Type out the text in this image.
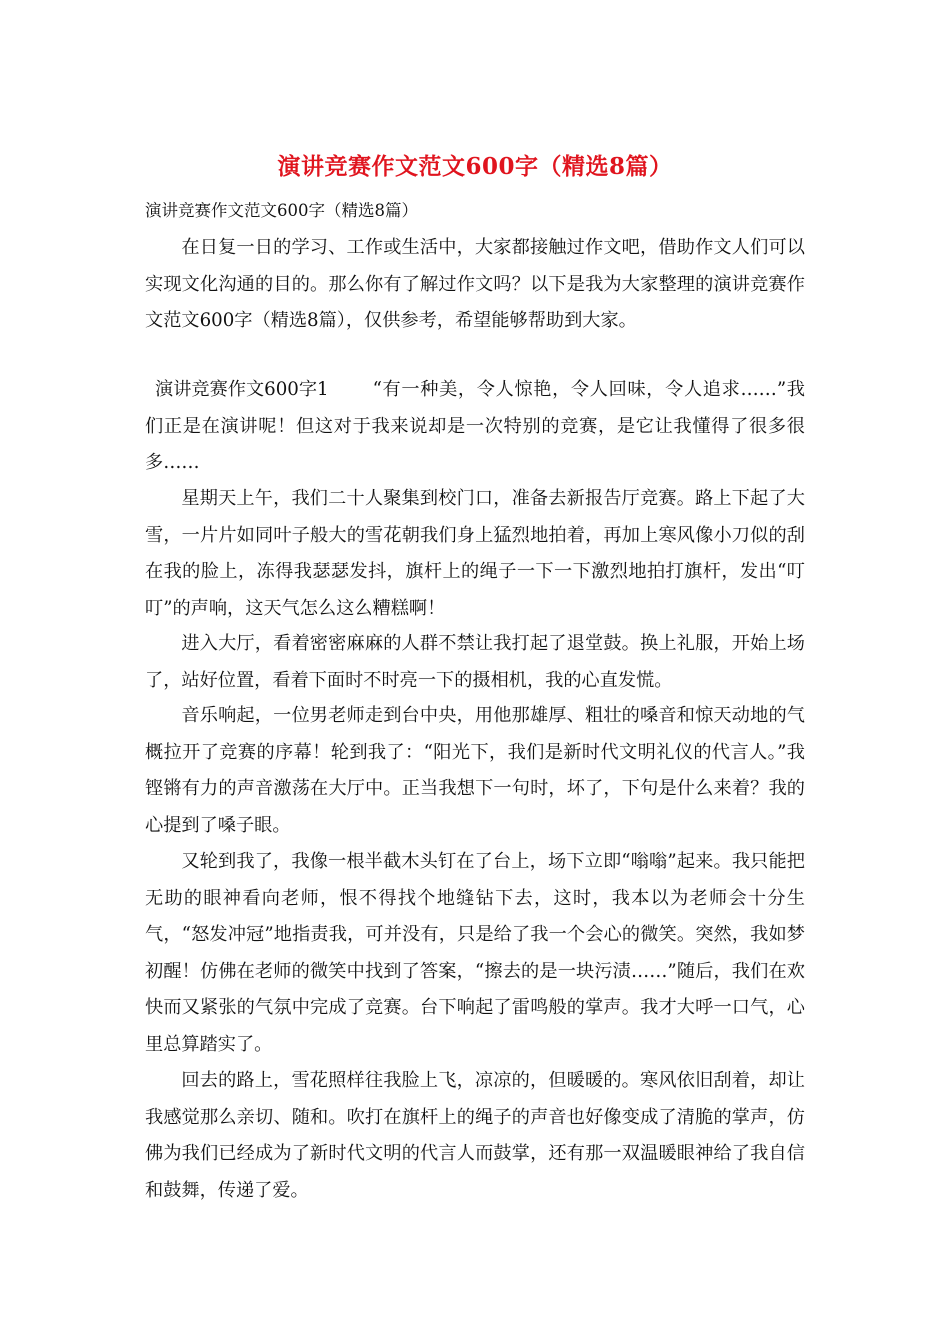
演讲竞赛作文范文600字（精选8篇）
演讲竞赛作文范文600字（精选8篇）

在日复一日的学习、工作或生活中，大家都接触过作文吧，借助作文人们可以实现文化沟通的目的。那么你有了解过作文吗？以下是我为大家整理的演讲竞赛作文范文600字（精选8篇），仅供参考，希望能够帮助到大家。

演讲竞赛作文600字1 “有一种美，令人惊艳，令人回味，令人追求……”我们正是在演讲呢！但这对于我来说却是一次特别的竞赛，是它让我懂得了很多很多……

星期天上午，我们二十人聚集到校门口，准备去新报告厅竞赛。路上下起了大雪，一片片如同叶子般大的雪花朝我们身上猛烈地拍着，再加上寒风像小刀似的刮在我的脸上，冻得我瑟瑟发抖，旗杆上的绳子一下一下激烈地拍打旗杆，发出“叮叮”的声响，这天气怎么这么糟糕啊！

进入大厅，看着密密麻麻的人群不禁让我打起了退堂鼓。换上礼服，开始上场了，站好位置，看着下面时不时亮一下的摄相机，我的心直发慌。

音乐响起，一位男老师走到台中央，用他那雄厚、粗壮的嗓音和惊天动地的气概拉开了竞赛的序幕！轮到我了：“阳光下，我们是新时代文明礼仪的代言人。”我铿锵有力的声音激荡在大厅中。正当我想下一句时，坏了，下句是什么来着？我的心提到了嗓子眼。

又轮到我了，我像一根半截木头钉在了台上，场下立即“嗡嗡”起来。我只能把无助的眼神看向老师，恨不得找个地缝钻下去，这时，我本以为老师会十分生气，“怒发冲冠”地指责我，可并没有，只是给了我一个会心的微笑。突然，我如梦初醒！仿佛在老师的微笑中找到了答案，“擦去的是一块污渍……”随后，我们在欢快而又紧张的气氛中完成了竞赛。台下响起了雷鸣般的掌声。我才大呼一口气，心里总算踏实了。

回去的路上，雪花照样往我脸上飞，凉凉的，但暖暖的。寒风依旧刮着，却让我感觉那么亲切、随和。吹打在旗杆上的绳子的声音也好像变成了清脆的掌声，仿佛为我们已经成为了新时代文明的代言人而鼓掌，还有那一双温暖眼神给了我自信和鼓舞，传递了爱。
